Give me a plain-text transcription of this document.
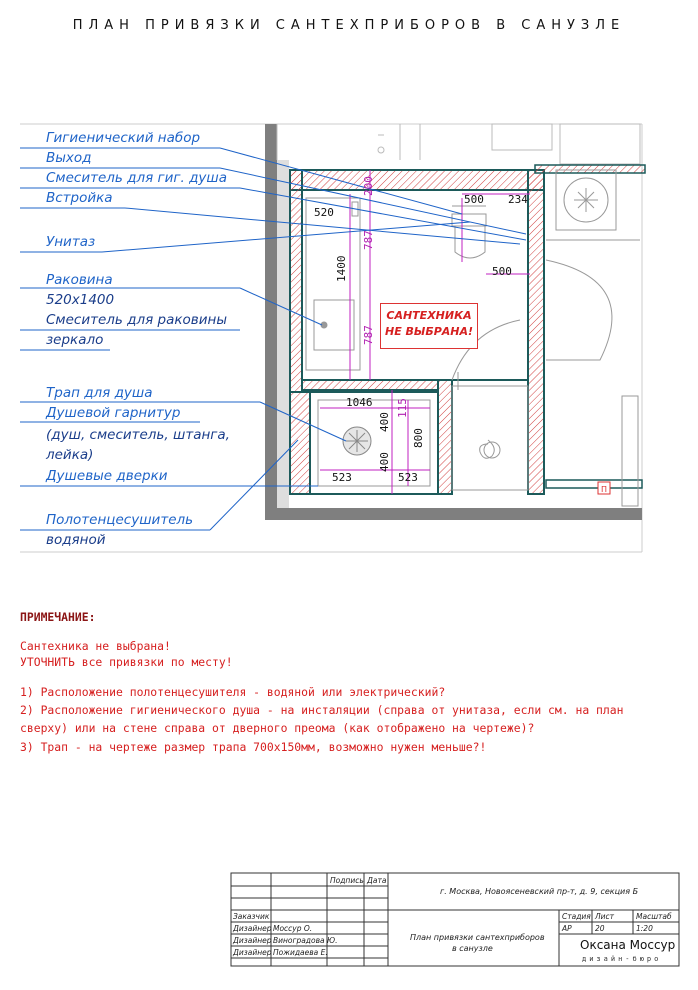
ПЛАН ПРИВЯЗКИ САНТЕХПРИБОРОВ В САНУЗЛЕ
520
200
500 234
787
1400	500
787
1046 115
400
800
400
523	523
П
Гигиенический набор
Выход
Смеситель для гиг. душа
Встройка
Унитаз
Раковина
520х1400
Смеситель для раковины
зеркало
Трап для душа
Душевой гарнитур
(душ, смеситель, штанга,
лейка)
Душевые дверки
Полотенцесушитель
водяной
САНТЕХНИКА
НЕ ВЫБРАНА!
ПРИМЕЧАНИЕ:
Сантехника не выбрана!
УТОЧНИТЬ все привязки по месту!
1) Расположение полотенцесушителя - водяной или электрический?
2) Расположение гигиенического душа - на инсталяции (справа от унитаза, если см. на план
сверху) или на стене справа от дверного преома (как отображено на чертеже)?
3) Трап - на чертеже размер трапа 700х150мм, возможно нужен меньше?!
Подпись Дата
г. Москва, Новоясеневский пр-т, д. 9, секция Б
Заказчик
Дизайнер Моссур О.
Дизайнер Виноградова Ю.
Дизайнер Пожидаева Е.
План привязки сантехприборов
в санузле
Стадия Лист	Масштаб
АР	20	1:20
Оксана Моссур
дизайн-бюро
